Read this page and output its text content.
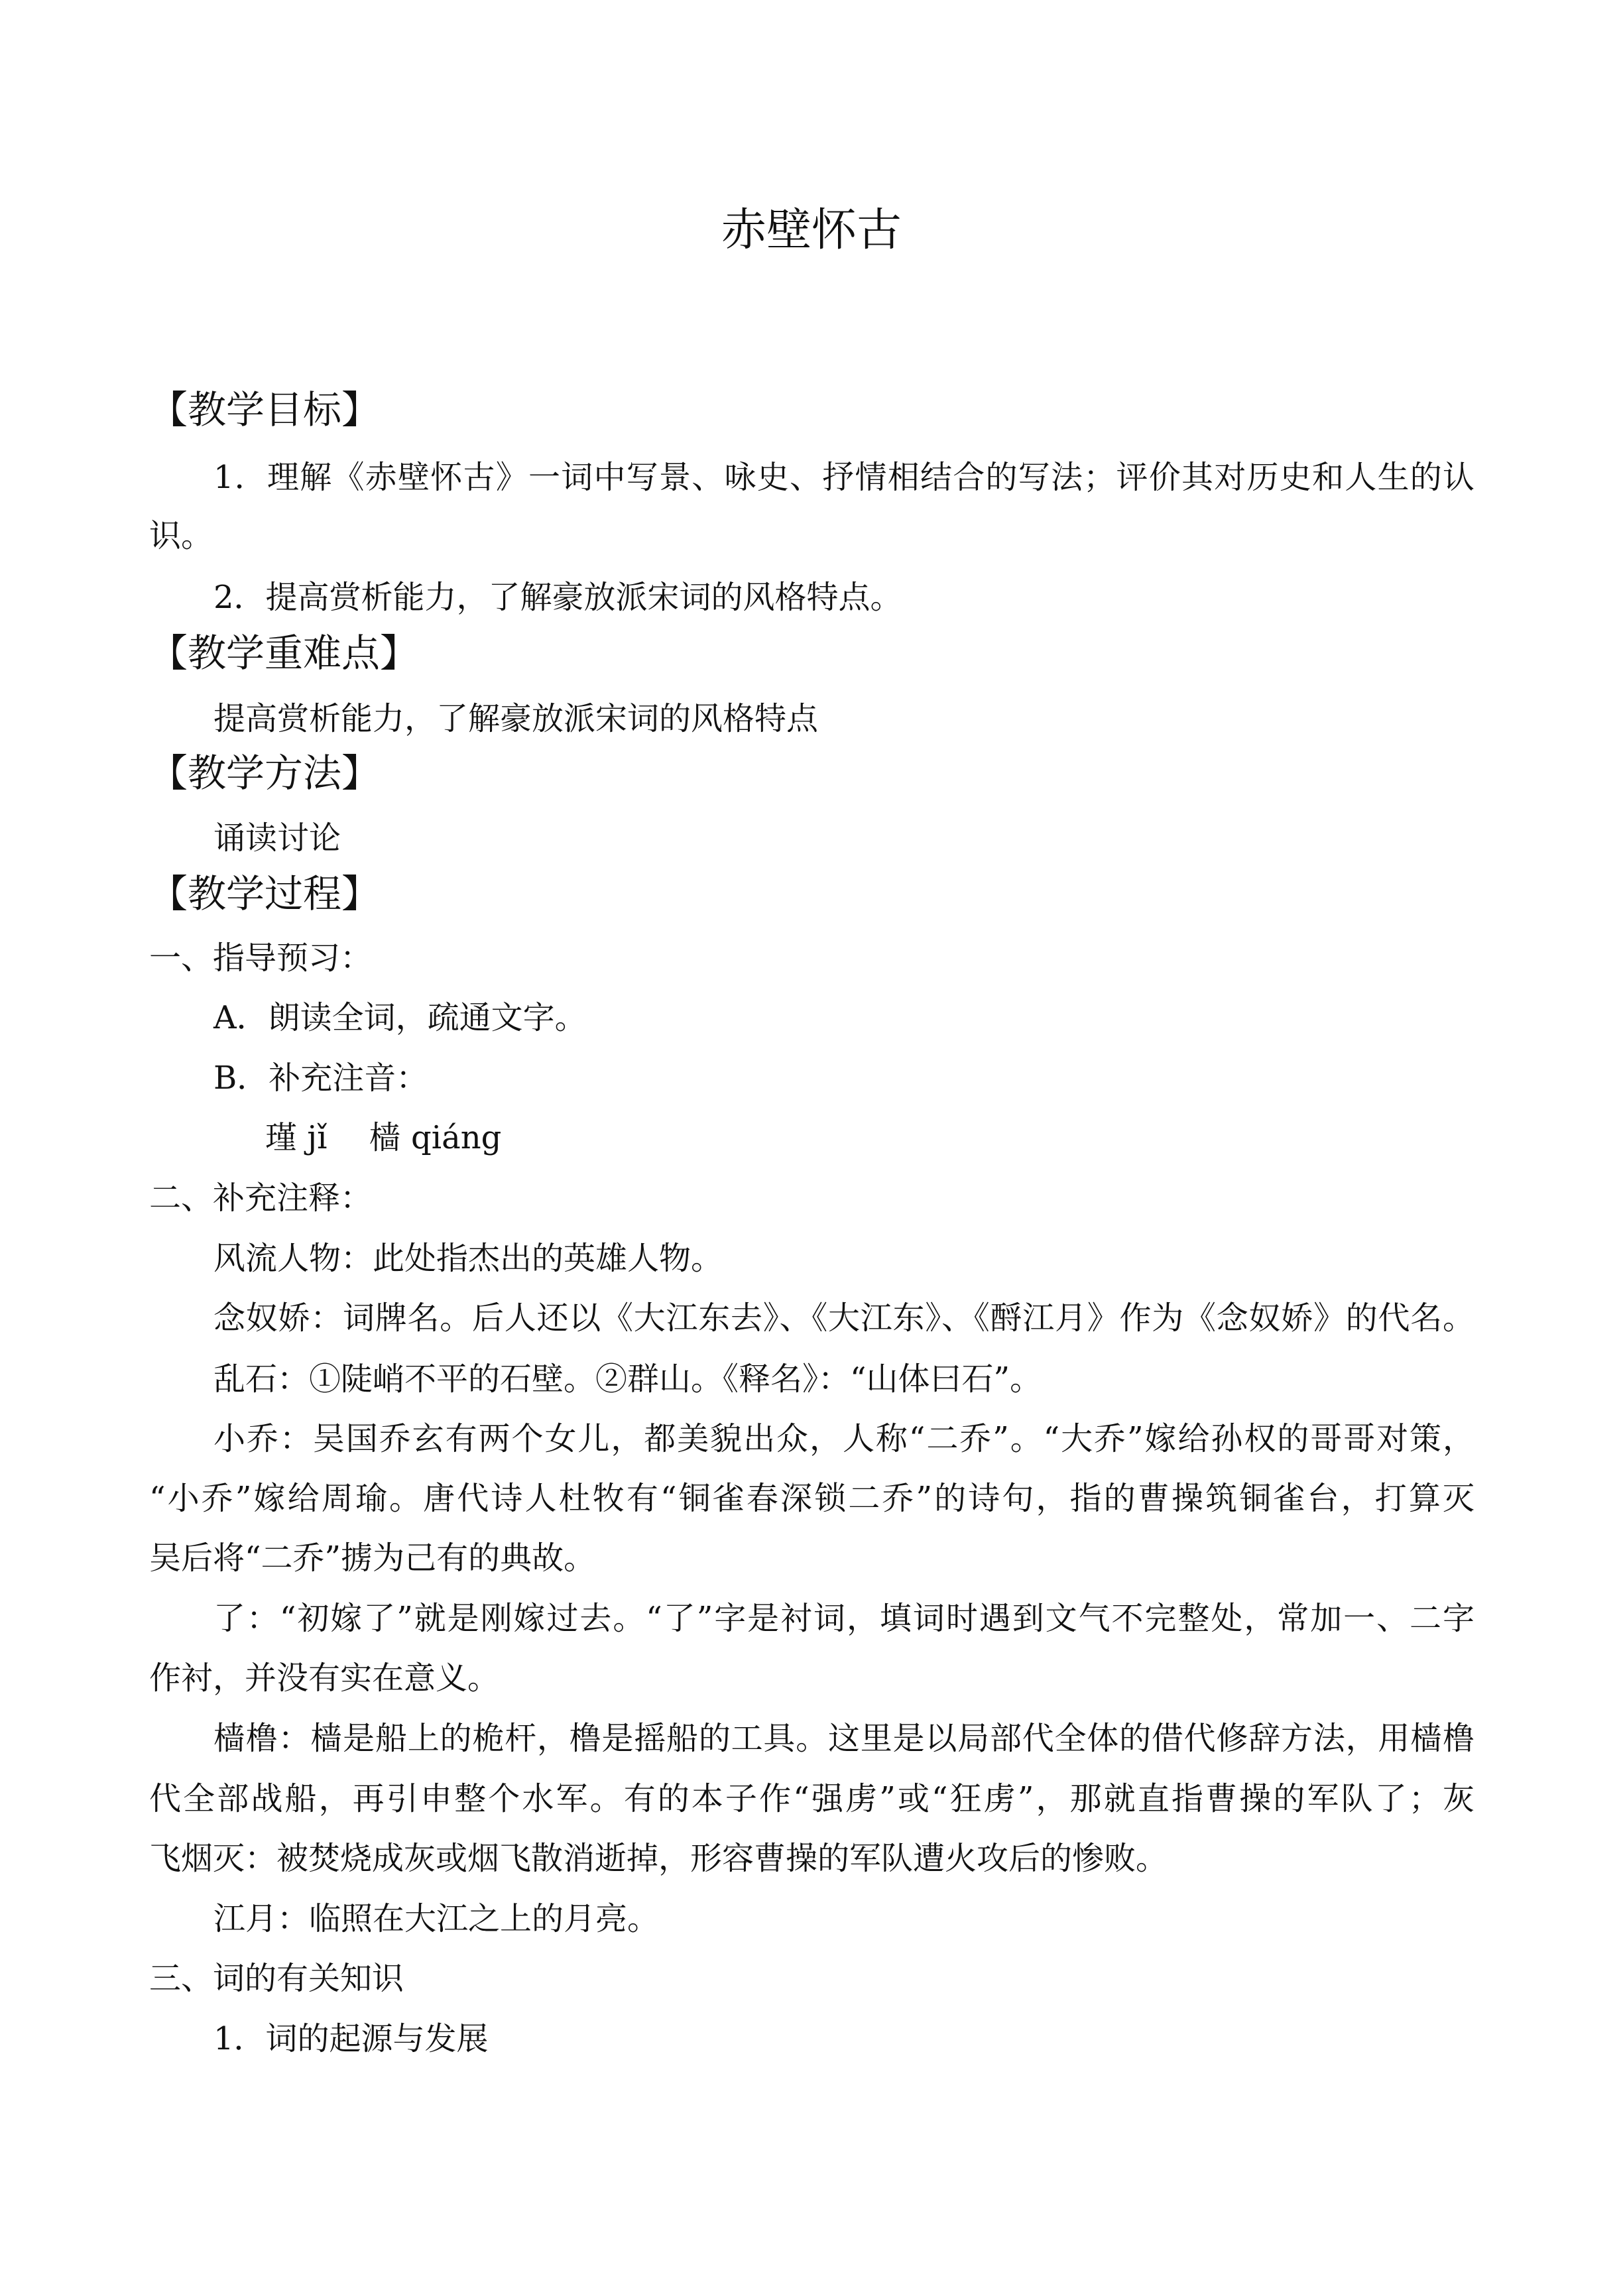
赤壁怀古
【教学目标】
1．理解《赤壁怀古》一词中写景、咏史、抒情相结合的写法；评价其对历史和人生的认
识。
2．提高赏析能力，了解豪放派宋词的风格特点。
【教学重难点】
提高赏析能力，了解豪放派宋词的风格特点
【教学方法】
诵读讨论
【教学过程】
一、指导预习：
A．朗读全词，疏通文字。
B．补充注音：
瑾 jǐ　 樯 qiáng
二、补充注释：
风流人物：此处指杰出的英雄人物。
念奴娇：词牌名。后人还以《大江东去》、《大江东》、《酹江月》作为《念奴娇》的代名。
乱石：①陡峭不平的石壁。②群山。《释名》：“山体曰石”。
小乔：吴国乔玄有两个女儿，都美貌出众，人称“二乔”。“大乔”嫁给孙权的哥哥对策，
“小乔”嫁给周瑜。唐代诗人杜牧有“铜雀春深锁二乔”的诗句，指的曹操筑铜雀台，打算灭
吴后将“二乔”掳为己有的典故。
了：“初嫁了”就是刚嫁过去。“了”字是衬词，填词时遇到文气不完整处，常加一、二字
作衬，并没有实在意义。
樯橹：樯是船上的桅杆，橹是摇船的工具。这里是以局部代全体的借代修辞方法，用樯橹
代全部战船，再引申整个水军。有的本子作“强虏”或“狂虏”，那就直指曹操的军队了；灰
飞烟灭：被焚烧成灰或烟飞散消逝掉，形容曹操的军队遭火攻后的惨败。
江月：临照在大江之上的月亮。
三、词的有关知识
1．词的起源与发展
